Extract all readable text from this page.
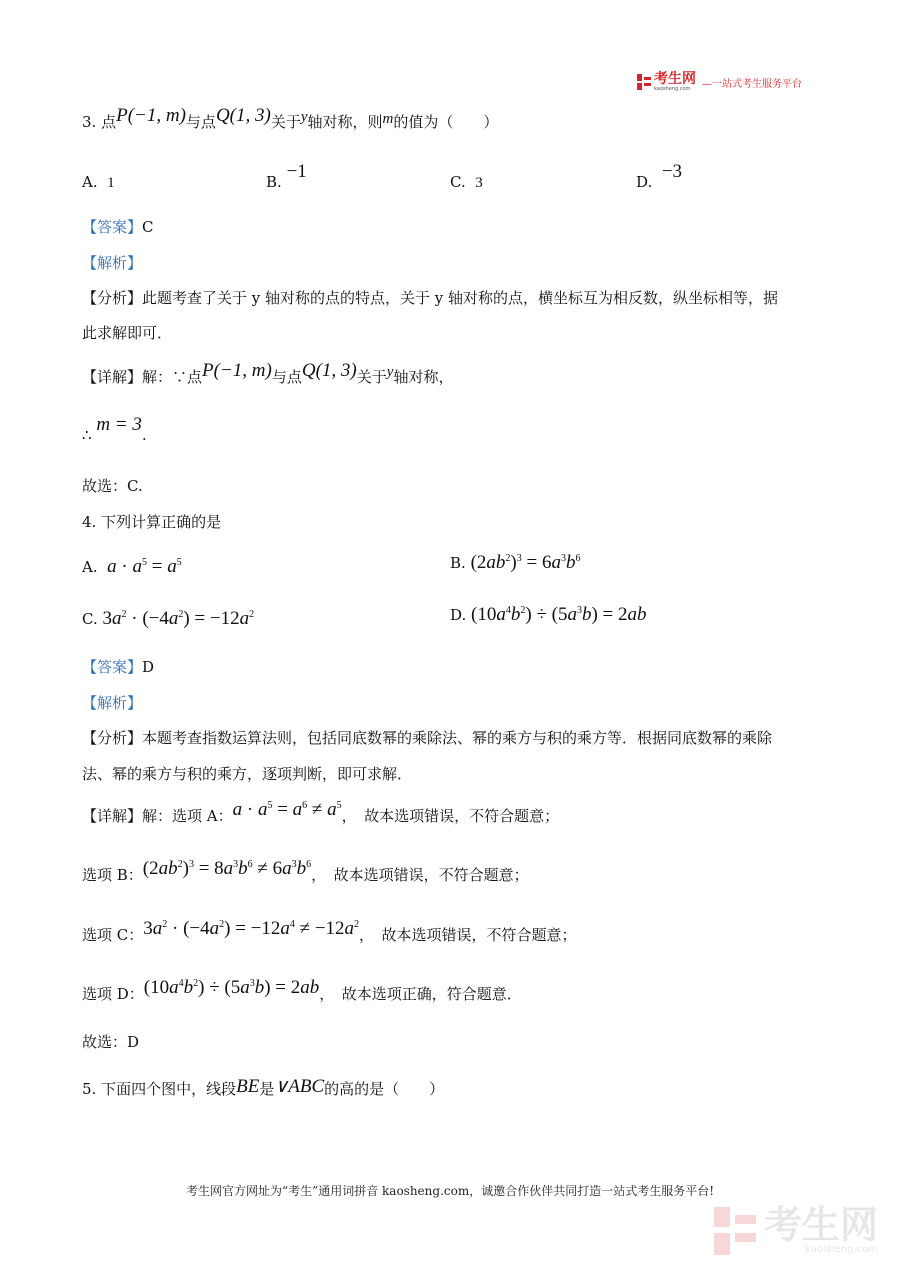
考生网
kaosheng.com	—一站式考生服务平台
3. 点P(−1, m)与点Q(1, 3)关于y轴对称，则m的值为（　　）
A. 1	B. −1	C. 3	D. −3
【答案】C
【解析】
【分析】此题考查了关于 y 轴对称的点的特点，关于 y 轴对称的点，横坐标互为相反数，纵坐标相等，据
此求解即可．
【详解】解：∵点P(−1, m)与点Q(1, 3)关于y轴对称，
∴ m = 3.
故选：C.
4. 下列计算正确的是
A. $a \cdot a^5 = a^5$	B. $(2ab^2)^3 = 6a^3b^6$
C. $3a^2 \cdot (-4a^2) = -12a^2$	D. $(10a^4b^2) \div (5a^3b) = 2ab$
【答案】D
【解析】
【分析】本题考查指数运算法则，包括同底数幂的乘除法、幂的乘方与积的乘方等．根据同底数幂的乘除
法、幂的乘方与积的乘方，逐项判断，即可求解．
【详解】解：选项 A：$a \cdot a^5 = a^6 \ne a^5$，　故本选项错误，不符合题意；
选项 B：$(2ab^2)^3 = 8a^3b^6 \ne 6a^3b^6$，　故本选项错误，不符合题意；
选项 C：$3a^2 \cdot (-4a^2) = -12a^4 \ne -12a^2$，　故本选项错误，不符合题意；
选项 D：$(10a^4b^2) \div (5a^3b) = 2ab$，　故本选项正确，符合题意．
故选：D
5. 下面四个图中，线段BE是∨ABC的高的是（　　）
考生网官方网址为“考生”通用词拼音 kaosheng.com，诚邀合作伙伴共同打造一站式考生服务平台!
考生网
kaosheng.com
